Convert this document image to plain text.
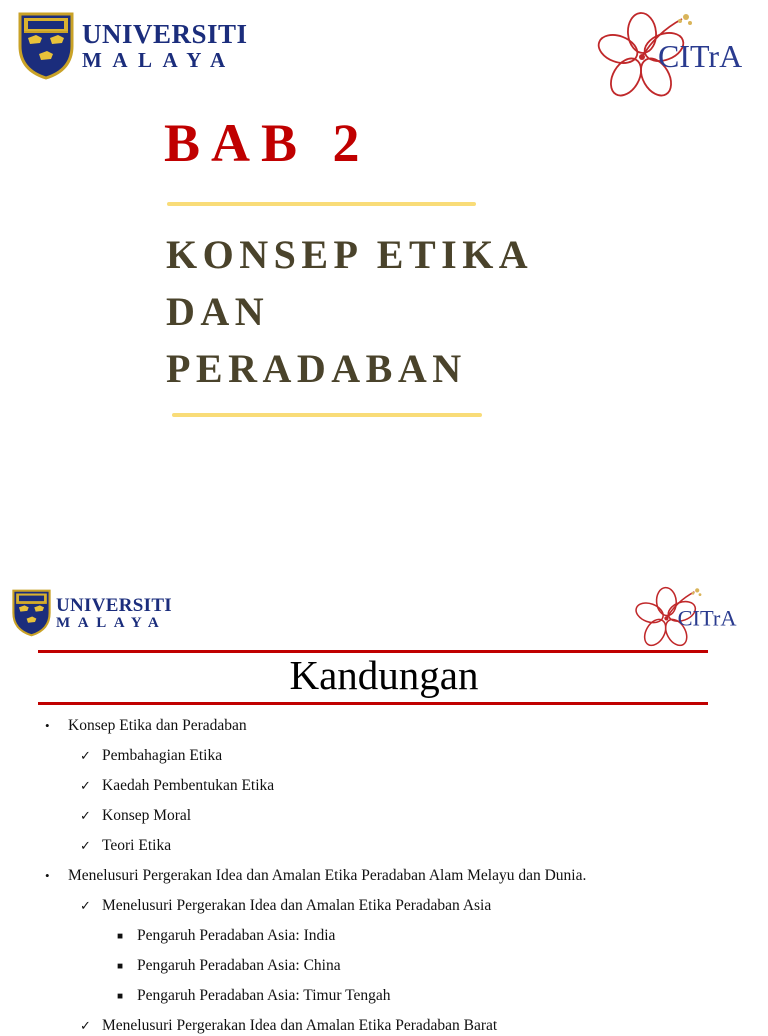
UNIVERSITI
MALAYA	CITrA
BAB 2
KONSEP ETIKA
DAN
PERADABAN
UNIVERSITI
MALAYA	CITrA
Kandungan
• Konsep Etika dan Peradaban
✓ Pembahagian Etika
✓ Kaedah Pembentukan Etika
✓ Konsep Moral
✓ Teori Etika
• Menelusuri Pergerakan Idea dan Amalan Etika Peradaban Alam Melayu dan Dunia.
✓ Menelusuri Pergerakan Idea dan Amalan Etika Peradaban Asia
■ Pengaruh Peradaban Asia: India
■ Pengaruh Peradaban Asia: China
■ Pengaruh Peradaban Asia: Timur Tengah
✓ Menelusuri Pergerakan Idea dan Amalan Etika Peradaban Barat
